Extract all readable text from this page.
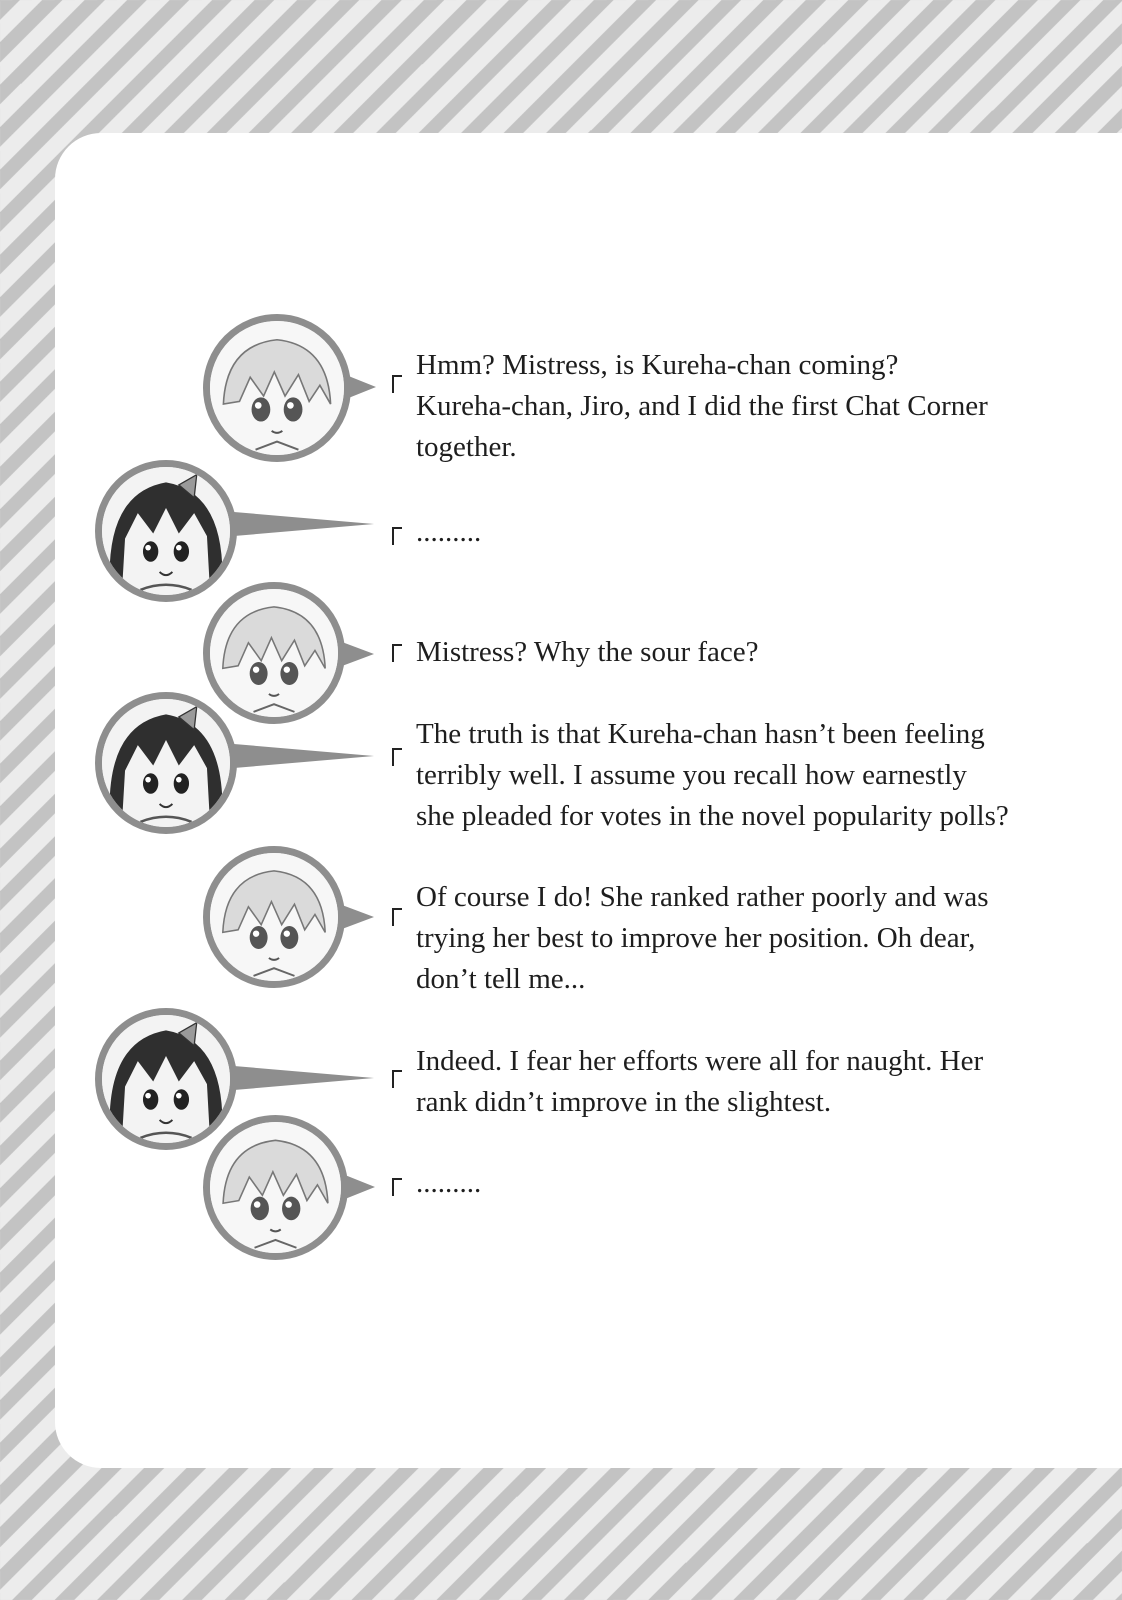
Hmm? Mistress, is Kureha-chan coming?

Kureha-chan, Jiro, and I did the first Chat Corner

together.

.........

Mistress? Why the sour face?

The truth is that Kureha-chan hasn’t been feeling

terribly well. I assume you recall how earnestly

she pleaded for votes in the novel popularity polls?

Of course I do! She ranked rather poorly and was

trying her best to improve her position. Oh dear,

don’t tell me...

Indeed. I fear her efforts were all for naught. Her

rank didn’t improve in the slightest.

.........
